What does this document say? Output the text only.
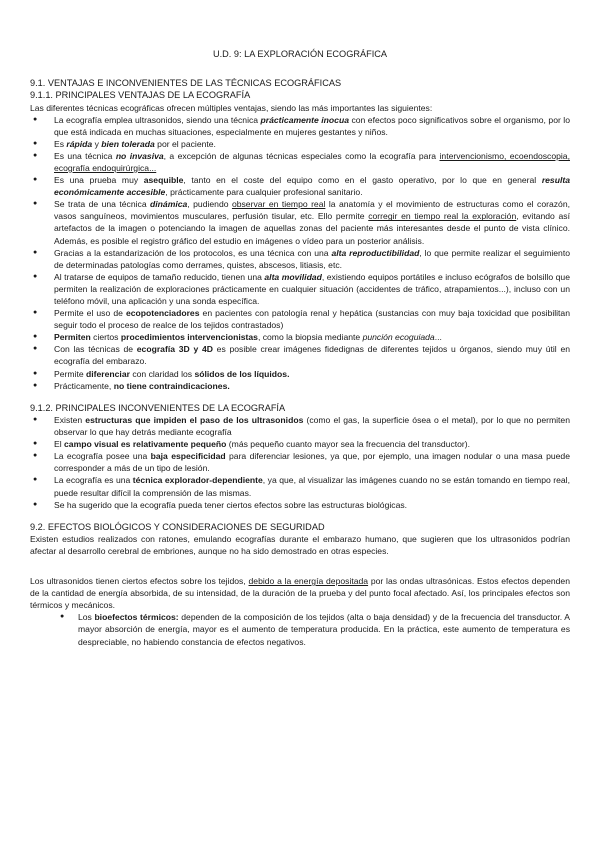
U.D. 9: LA EXPLORACIÓN ECOGRÁFICA

9.1. VENTAJAS E INCONVENIENTES DE LAS TÉCNICAS ECOGRÁFICAS

9.1.1. PRINCIPALES VENTAJAS DE LA ECOGRAFÍA

Las diferentes técnicas ecográficas ofrecen múltiples ventajas, siendo las más importantes las siguientes:

● La ecografía emplea ultrasonidos, siendo una técnica prácticamente inocua con efectos poco significativos sobre el organismo, por lo que está indicada en muchas situaciones, especialmente en mujeres gestantes y niños.
● Es rápida y bien tolerada por el paciente.
● Es una técnica no invasiva, a excepción de algunas técnicas especiales como la ecografía para intervencionismo, ecoendoscopia, ecografía endoquirúrgica...
● Es una prueba muy asequible, tanto en el coste del equipo como en el gasto operativo, por lo que en general resulta económicamente accesible, prácticamente para cualquier profesional sanitario.
● Se trata de una técnica dinámica, pudiendo observar en tiempo real la anatomía y el movimiento de estructuras como el corazón, vasos sanguíneos, movimientos musculares, perfusión tisular, etc. Ello permite corregir en tiempo real la exploración, evitando así artefactos de la imagen o potenciando la imagen de aquellas zonas del paciente más interesantes desde el punto de vista clínico. Además, es posible el registro gráfico del estudio en imágenes o vídeo para un posterior análisis.
● Gracias a la estandarización de los protocolos, es una técnica con una alta reproductibilidad, lo que permite realizar el seguimiento de determinadas patologías como derrames, quistes, abscesos, litiasis, etc.
● Al tratarse de equipos de tamaño reducido, tienen una alta movilidad, existiendo equipos portátiles e incluso ecógrafos de bolsillo que permiten la realización de exploraciones prácticamente en cualquier situación (accidentes de tráfico, atrapamientos...), incluso con un teléfono móvil, una aplicación y una sonda específica.
● Permite el uso de ecopotenciadores en pacientes con patología renal y hepática (sustancias con muy baja toxicidad que posibilitan seguir todo el proceso de realce de los tejidos contrastados)
● Permiten ciertos procedimientos intervencionistas, como la biopsia mediante punción ecoguiada...
● Con las técnicas de ecografía 3D y 4D es posible crear imágenes fidedignas de diferentes tejidos u órganos, siendo muy útil en ecografía del embarazo.
● Permite diferenciar con claridad los sólidos de los líquidos.
● Prácticamente, no tiene contraindicaciones.

9.1.2. PRINCIPALES INCONVENIENTES DE LA ECOGRAFÍA

● Existen estructuras que impiden el paso de los ultrasonidos (como el gas, la superficie ósea o el metal), por lo que no permiten observar lo que hay detrás mediante ecografía
● El campo visual es relativamente pequeño (más pequeño cuanto mayor sea la frecuencia del transductor).
● La ecografía posee una baja especificidad para diferenciar lesiones, ya que, por ejemplo, una imagen nodular o una masa puede corresponder a más de un tipo de lesión.
● La ecografía es una técnica explorador-dependiente, ya que, al visualizar las imágenes cuando no se están tomando en tiempo real, puede resultar difícil la comprensión de las mismas.
● Se ha sugerido que la ecografía pueda tener ciertos efectos sobre las estructuras biológicas.

9.2. EFECTOS BIOLÓGICOS Y CONSIDERACIONES DE SEGURIDAD

Existen estudios realizados con ratones, emulando ecografías durante el embarazo humano, que sugieren que los ultrasonidos podrían afectar al desarrollo cerebral de embriones, aunque no ha sido demostrado en otras especies.

Los ultrasonidos tienen ciertos efectos sobre los tejidos, debido a la energía depositada por las ondas ultrasónicas. Estos efectos dependen de la cantidad de energía absorbida, de su intensidad, de la duración de la prueba y del punto focal afectado. Así, los principales efectos son térmicos y mecánicos.

● Los bioefectos térmicos: dependen de la composición de los tejidos (alta o baja densidad) y de la frecuencia del transductor. A mayor absorción de energía, mayor es el aumento de temperatura producida. En la práctica, este aumento de temperatura es despreciable, no habiendo constancia de efectos negativos.
